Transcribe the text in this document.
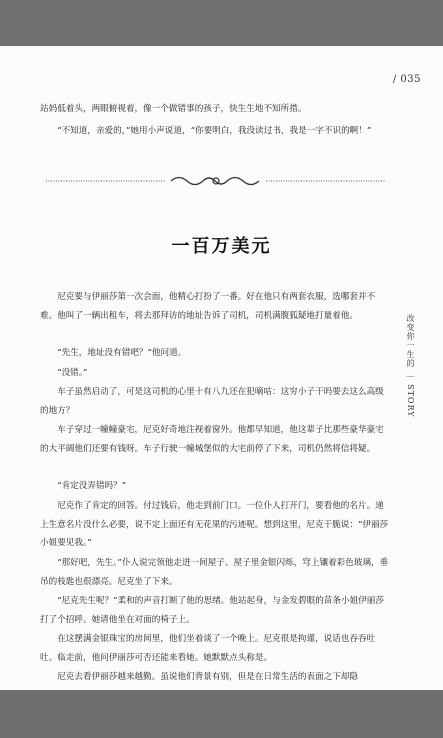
/ 035
站妈低着头，两眼俯视着，像一个做错事的孩子，快生生地不知所措。
“不知道，亲爱的，”她用小声说道，“你要明白，我没读过书，我是一字不识的啊！”
一百万美元
尼克要与伊丽莎第一次会面，他精心打扮了一番。好在他只有两套衣服，选哪套并不难。他叫了一辆出租车，将去那拜访的地址告诉了司机，司机满腹狐疑地打量着他。
“先生，地址没有错吧？”他问道。
“没错。”
车子虽然启动了，可是这司机的心里十有八九还在犯嘀咕：这穷小子干吗要去这么高级的地方？
车子穿过一幢幢豪宅，尼克好奇地注视着窗外。他都早知道，他这辈子比那些豪华豪宅的大平阔他们还要有钱呀。车子行驶一幢城堡似的大宅前停了下来，司机仍然将信将疑。
“肯定没弄错吗？”
尼克作了肯定的回答。付过钱后，他走到前门口。一位仆人打开门，要看他的名片。递上生意名片没什么必要，说不定上面还有无花果的污迹呢。想到这里，尼克干脆说：“伊丽莎小姐要见我。”
“那好吧，先生。”仆人说完领他走进一间屋子。屋子里金银闪烁，穹上镶着彩色玻璃，垂吊的枝匙也很漂亮。尼克坐了下来。
“尼克先生呢？”柔和的声音打断了他的思绪。他站起身，与金发碧眼的苗条小姐伊丽莎打了个招呼。她请他坐在对面的椅子上。
在这摆满金银珠宝的房间里，他们坐着谈了一个晚上。尼克很是拘谨，说话也吞吞吐吐。临走前，他问伊丽莎可否还能来看她。她默默点头称是。
尼克去看伊丽莎越来越勤。虽说他们背景有别，但是在日常生活的表面之下却隐
改变你一生的 ｜ STORY
